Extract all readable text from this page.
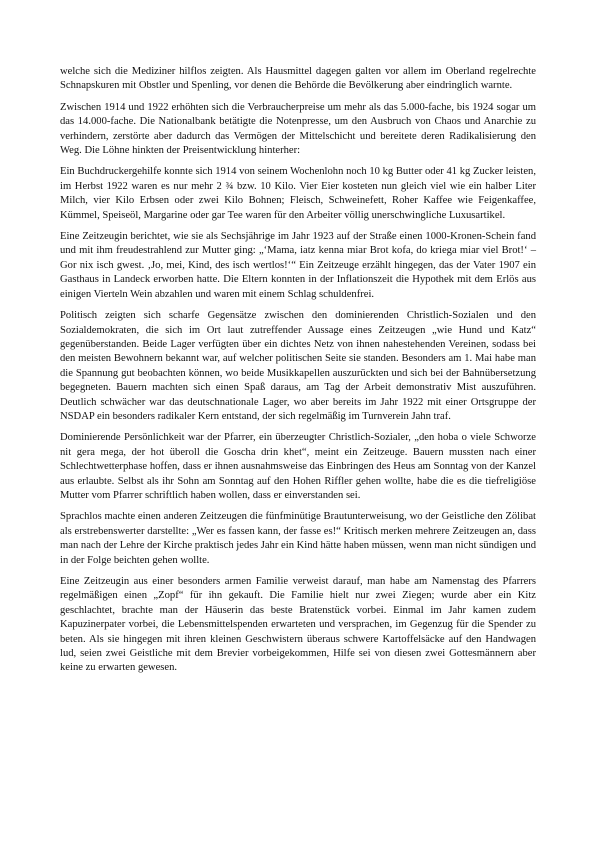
welche sich die Mediziner hilflos zeigten. Als Hausmittel dagegen galten vor allem im Oberland regelrechte Schnapskuren mit Obstler und Spenling, vor denen die Behörde die Bevölkerung aber eindringlich warnte.

Zwischen 1914 und 1922 erhöhten sich die Verbraucherpreise um mehr als das 5.000-fache, bis 1924 sogar um das 14.000-fache. Die Nationalbank betätigte die Notenpresse, um den Ausbruch von Chaos und Anarchie zu verhindern, zerstörte aber dadurch das Vermögen der Mittelschicht und bereitete deren Radikalisierung den Weg. Die Löhne hinkten der Preisentwicklung hinterher:

Ein Buchdruckergehilfe konnte sich 1914 von seinem Wochenlohn noch 10 kg Butter oder 41 kg Zucker leisten, im Herbst 1922 waren es nur mehr 2 ¾ bzw. 10 Kilo. Vier Eier kosteten nun gleich viel wie ein halber Liter Milch, vier Kilo Erbsen oder zwei Kilo Bohnen; Fleisch, Schweinefett, Roher Kaffee wie Feigenkaffee, Kümmel, Speiseöl, Margarine oder gar Tee waren für den Arbeiter völlig unerschwingliche Luxusartikel.

Eine Zeitzeugin berichtet, wie sie als Sechsjährige im Jahr 1923 auf der Straße einen 1000-Kronen-Schein fand und mit ihm freudestrahlend zur Mutter ging: „‘Mama, iatz kenna miar Brot kofa, do kriega miar viel Brot!‘ – Gor nix isch gwest. ‚Jo, mei, Kind, des isch wertlos!‘“ Ein Zeitzeuge erzählt hingegen, das der Vater 1907 ein Gasthaus in Landeck erworben hatte. Die Eltern konnten in der Inflationszeit die Hypothek mit dem Erlös aus einigen Vierteln Wein abzahlen und waren mit einem Schlag schuldenfrei.

Politisch zeigten sich scharfe Gegensätze zwischen den dominierenden Christlich-Sozialen und den Sozialdemokraten, die sich im Ort laut zutreffender Aussage eines Zeitzeugen „wie Hund und Katz“ gegenüberstanden. Beide Lager verfügten über ein dichtes Netz von ihnen nahestehenden Vereinen, sodass bei den meisten Bewohnern bekannt war, auf welcher politischen Seite sie standen. Besonders am 1. Mai habe man die Spannung gut beobachten können, wo beide Musikkapellen auszurückten und sich bei der Bahnübersetzung begegneten. Bauern machten sich einen Spaß daraus, am Tag der Arbeit demonstrativ Mist auszuführen. Deutlich schwächer war das deutschnationale Lager, wo aber bereits im Jahr 1922 mit einer Ortsgruppe der NSDAP ein besonders radikaler Kern entstand, der sich regelmäßig im Turnverein Jahn traf.

Dominierende Persönlichkeit war der Pfarrer, ein überzeugter Christlich-Sozialer, „den hoba o viele Schworze nit gera mega, der hot überoll die Goscha drin khet“, meint ein Zeitzeuge. Bauern mussten nach einer Schlechtwetterphase hoffen, dass er ihnen ausnahmsweise das Einbringen des Heus am Sonntag von der Kanzel aus erlaubte. Selbst als ihr Sohn am Sonntag auf den Hohen Riffler gehen wollte, habe die es die tiefreligiöse Mutter vom Pfarrer schriftlich haben wollen, dass er einverstanden sei.

Sprachlos machte einen anderen Zeitzeugen die fünfminütige Brautunterweisung, wo der Geistliche den Zölibat als erstrebenswerter darstellte: „Wer es fassen kann, der fasse es!“ Kritisch merken mehrere Zeitzeugen an, dass man nach der Lehre der Kirche praktisch jedes Jahr ein Kind hätte haben müssen, wenn man nicht sündigen und in der Folge beichten gehen wollte.

Eine Zeitzeugin aus einer besonders armen Familie verweist darauf, man habe am Namenstag des Pfarrers regelmäßigen einen „Zopf“ für ihn gekauft. Die Familie hielt nur zwei Ziegen; wurde aber ein Kitz geschlachtet, brachte man der Häuserin das beste Bratenstück vorbei. Einmal im Jahr kamen zudem Kapuzinerpater vorbei, die Lebensmittelspenden erwarteten und versprachen, im Gegenzug für die Spender zu beten. Als sie hingegen mit ihren kleinen Geschwistern überaus schwere Kartoffelsäcke auf den Handwagen lud, seien zwei Geistliche mit dem Brevier vorbeigekommen, Hilfe sei von diesen zwei Gottesmännern aber keine zu erwarten gewesen.
